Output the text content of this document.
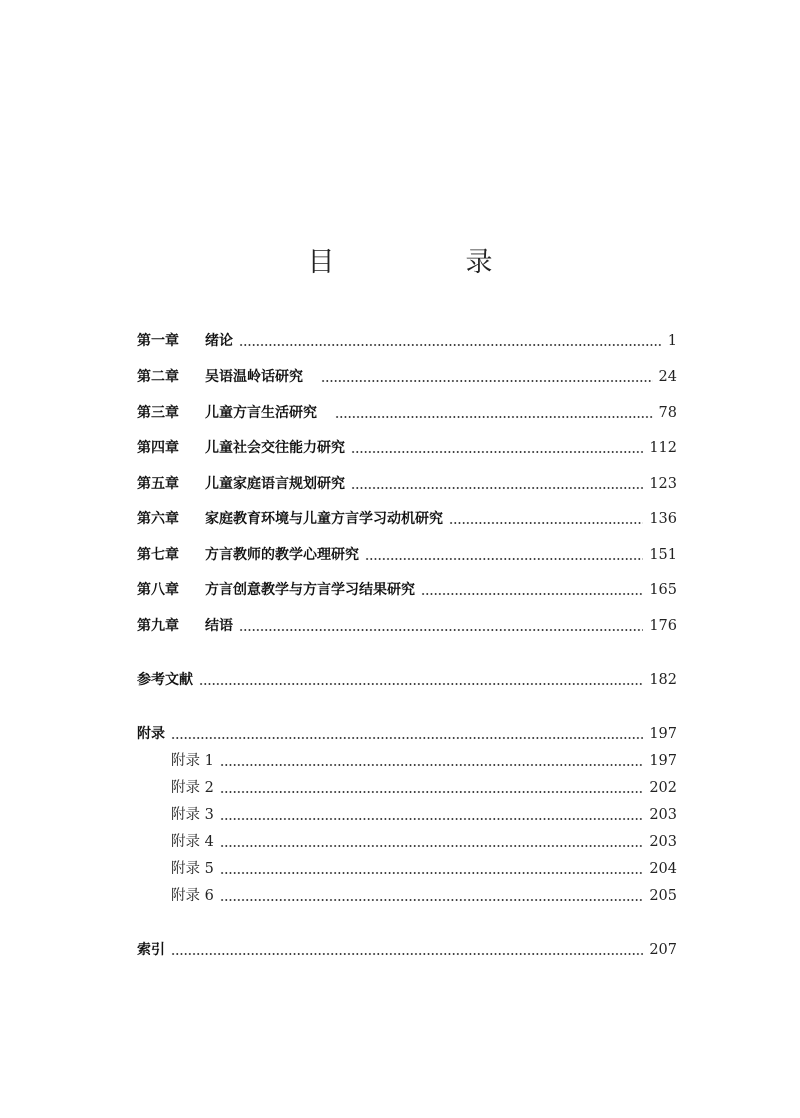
目　录
第一章 绪论	1
第二章 吴语温岭话研究	24
第三章 儿童方言生活研究	78
第四章 儿童社会交往能力研究	112
第五章 儿童家庭语言规划研究	123
第六章 家庭教育环境与儿童方言学习动机研究	136
第七章 方言教师的教学心理研究	151
第八章 方言创意教学与方言学习结果研究	165
第九章 结语	176
参考文献	182
附录	197
附录 1	197
附录 2	202
附录 3	203
附录 4	203
附录 5	204
附录 6	205
索引	207
